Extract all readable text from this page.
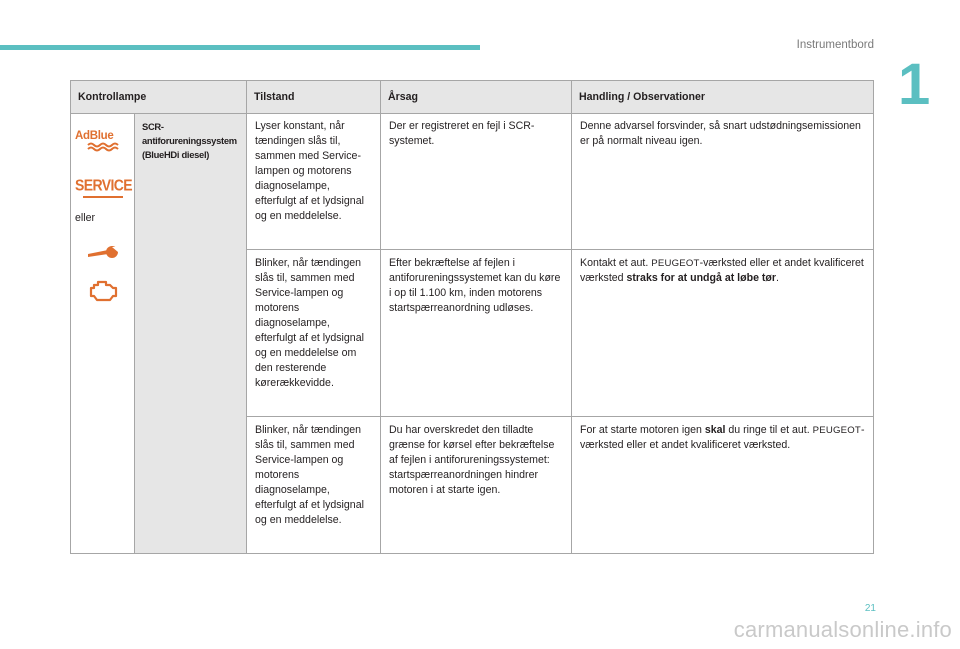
Instrumentbord
1
Kontrollampe		Tilstand	Årsag	Handling / Observationer

AdBlue
SERVICE
eller	SCR-antiforureningssystem (BlueHDi diesel)	Lyser konstant, når tændingen slås til, sammen med Service-lampen og motorens diagnoselampe, efterfulgt af et lydsignal og en meddelelse.	Der er registreret en fejl i SCR-systemet.	Denne advarsel forsvinder, så snart udstødningsemissionen er på normalt niveau igen.
		Blinker, når tændingen slås til, sammen med Service-lampen og motorens diagnoselampe, efterfulgt af et lydsignal og en meddelelse om den resterende kørerækkevidde.	Efter bekræftelse af fejlen i antiforureningssystemet kan du køre i op til 1.100 km, inden motorens startspærreanordning udløses.	Kontakt et aut. PEUGEOT-værksted eller et andet kvalificeret værksted straks for at undgå at løbe tør.
		Blinker, når tændingen slås til, sammen med Service-lampen og motorens diagnoselampe, efterfulgt af et lydsignal og en meddelelse.	Du har overskredet den tilladte grænse for kørsel efter bekræftelse af fejlen i antiforureningssystemet: startspærreanordningen hindrer motoren i at starte igen.	For at starte motoren igen skal du ringe til et aut. PEUGEOT-værksted eller et andet kvalificeret værksted.
21
carmanualsonline.info
